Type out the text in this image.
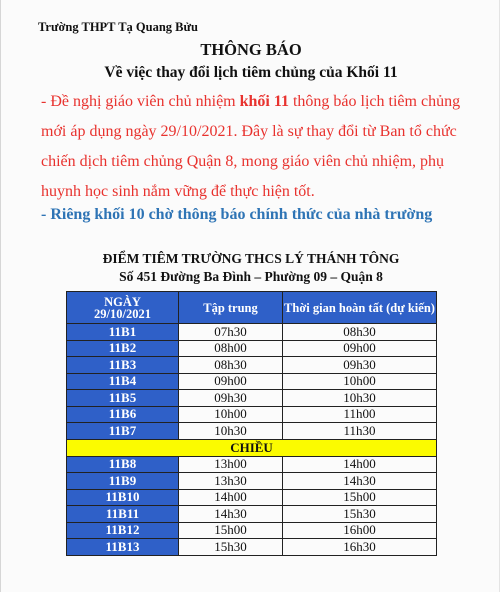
Trường THPT Tạ Quang Bửu
THÔNG BÁO
Về việc thay đổi lịch tiêm chủng của Khối 11
- Đề nghị giáo viên chủ nhiệm khối 11 thông báo lịch tiêm chủng mới áp dụng ngày 29/10/2021. Đây là sự thay đổi từ Ban tổ chức chiến dịch tiêm chủng Quận 8, mong giáo viên chủ nhiệm, phụ huynh học sinh nắm vững để thực hiện tốt.
- Riêng khối 10 chờ thông báo chính thức của nhà trường
ĐIỂM TIÊM TRƯỜNG THCS LÝ THÁNH TÔNG
Số 451 Đường Ba Đình – Phường 09 – Quận 8
NGÀY
29/10/2021	Tập trung	Thời gian hoàn tất (dự kiến)
11B1	07h30	08h30
11B2	08h00	09h00
11B3	08h30	09h30
11B4	09h00	10h00
11B5	09h30	10h30
11B6	10h00	11h00
11B7	10h30	11h30
CHIỀU		
11B8	13h00	14h00
11B9	13h30	14h30
11B10	14h00	15h00
11B11	14h30	15h30
11B12	15h00	16h00
11B13	15h30	16h30
